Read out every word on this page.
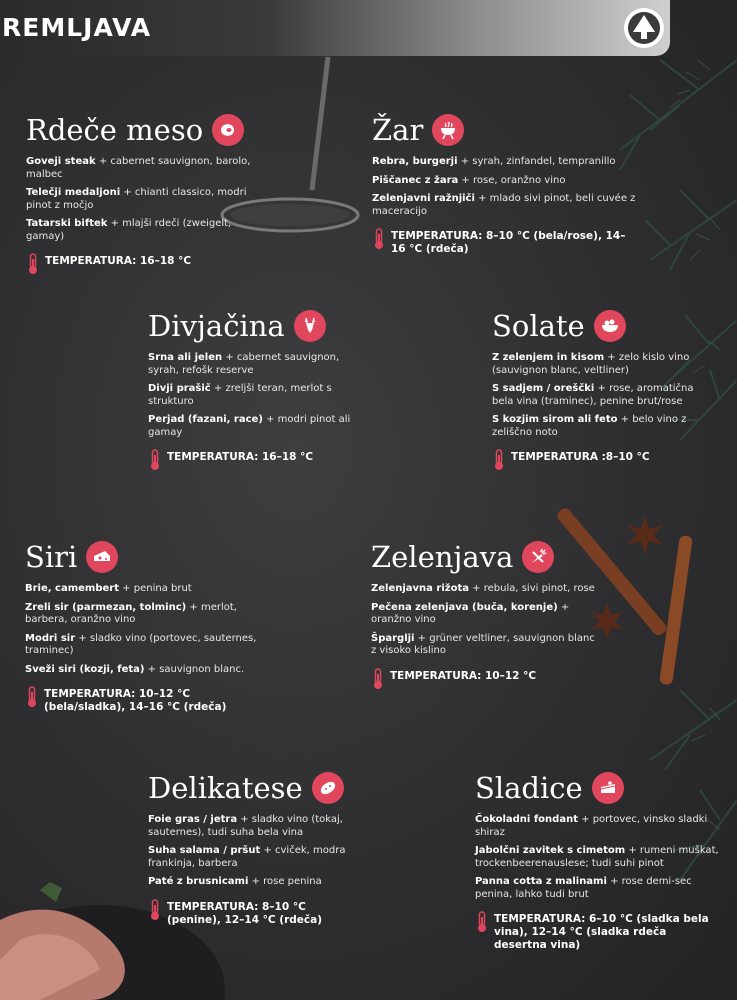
REMLJAVA
Rdeče meso
Goveji steak + cabernet sauvignon, barolo, malbec
Telečji medaljoni + chianti classico, modri pinot z močjo
Tatarski biftek + mlajši rdeči (zweigelt, gamay)
TEMPERATURA: 16–18 °C
Žar
Rebra, burgerji + syrah, zinfandel, tempranillo
Piščanec z žara + rose, oranžno vino
Zelenjavni ražnjiči + mlado sivi pinot, beli cuvée z maceracijo
TEMPERATURA: 8–10 °C (bela/rose), 14–16 °C (rdeča)
Divjačina
Srna ali jelen + cabernet sauvignon, syrah, refošk reserve
Divji prašič + zreljši teran, merlot s strukturo
Perjad (fazani, race) + modri pinot ali gamay
TEMPERATURA: 16–18 °C
Solate
Z zelenjem in kisom + zelo kislo vino (sauvignon blanc, veltliner)
S sadjem / oreščki + rose, aromatična bela vina (traminec), penine brut/rose
S kozjim sirom ali feto + belo vino z zeliščno noto
TEMPERATURA :8–10 °C
Siri
Brie, camembert + penina brut
Zreli sir (parmezan, tolminc) + merlot, barbera, oranžno vino
Modri sir + sladko vino (portovec, sauternes, traminec)
Sveži siri (kozji, feta) + sauvignon blanc.
TEMPERATURA: 10–12 °C (bela/sladka), 14–16 °C (rdeča)
Zelenjava
Zelenjavna rižota + rebula, sivi pinot, rose
Pečena zelenjava (buča, korenje) + oranžno vino
Šparglji + grüner veltliner, sauvignon blanc z visoko kislino
TEMPERATURA: 10–12 °C
Delikatese
Foie gras / jetra + sladko vino (tokaj, sauternes), tudi suha bela vina
Suha salama / pršut + cviček, modra frankinja, barbera
Paté z brusnicami + rose penina
TEMPERATURA: 8–10 °C (penine), 12–14 °C (rdeča)
Sladice
Čokoladni fondant + portovec, vinsko sladki shiraz
Jabolčni zavitek s cimetom + rumeni muškat, trockenbeerenauslese; tudi suhi pinot
Panna cotta z malinami + rose demi-sec penina, lahko tudi brut
TEMPERATURA: 6–10 °C (sladka bela vina), 12–14 °C (sladka rdeča desertna vina)
